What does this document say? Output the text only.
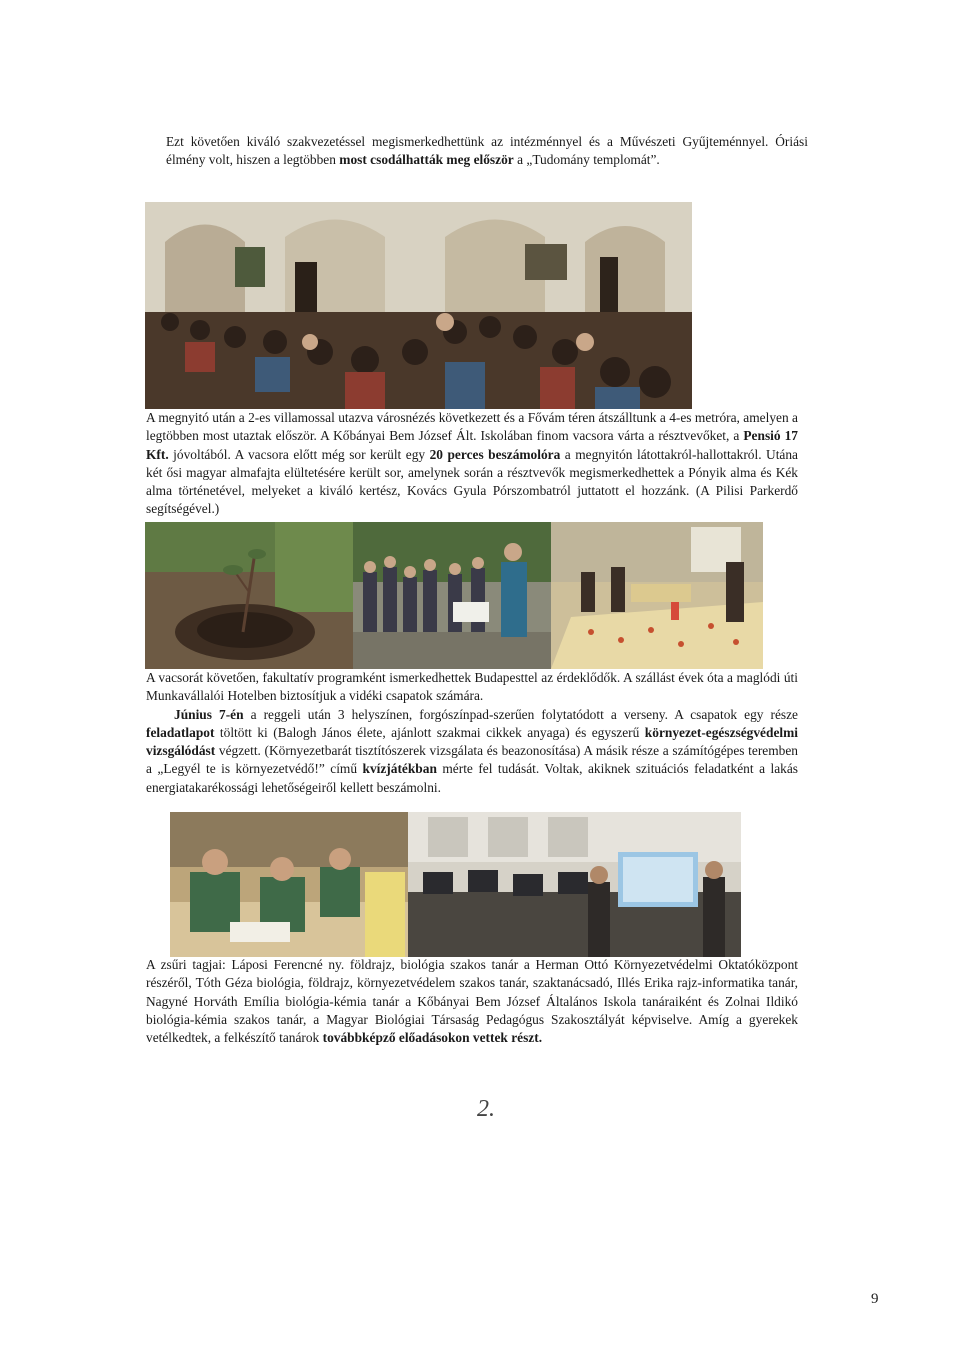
Ezt követően kiváló szakvezetéssel megismerkedhettünk az intézménnyel és a Művészeti Gyűjteménnyel. Óriási élmény volt, hiszen a legtöbben most csodálhatták meg először a „Tudomány templomát”.

A megnyitó után a 2-es villamossal utazva városnézés következett és a Fővám téren átszálltunk a 4-es metróra, amelyen a legtöbben most utaztak először. A Kőbányai Bem József Ált. Iskolában finom vacsora várta a résztvevőket, a Pensió 17 Kft. jóvoltából. A vacsora előtt még sor került egy 20 perces beszámolóra a megnyitón látottakról-hallottakról. Utána két ősi magyar almafajta elültetésére került sor, amelynek során a résztvevők megismerkedhettek a Pónyik alma és Kék alma történetével, melyeket a kiváló kertész, Kovács Gyula Pórszombatról juttatott el hozzánk. (A Pilisi Parkerdő segítségével.)

A vacsorát követően, fakultatív programként ismerkedhettek Budapesttel az érdeklődők. A szállást évek óta a maglódi úti Munkavállalói Hotelben biztosítjuk a vidéki csapatok számára.
Június 7-én a reggeli után 3 helyszínen, forgószínpad-szerűen folytatódott a verseny. A csapatok egy része feladatlapot töltött ki (Balogh János élete, ajánlott szakmai cikkek anyaga) és egyszerű környezet-egészségvédelmi vizsgálódást végzett. (Környezetbarát tisztítószerek vizsgálata és beazonosítása) A másik része a számítógépes teremben a „Legyél te is környezetvédő!” című kvízjátékban mérte fel tudását. Voltak, akiknek szituációs feladatként a lakás energiatakarékossági lehetőségeiről kellett beszámolni.

A zsűri tagjai: Láposi Ferencné ny. földrajz, biológia szakos tanár a Herman Ottó Környezetvédelmi Oktatóközpont részéről, Tóth Géza biológia, földrajz, környezetvédelem szakos tanár, szaktanácsadó, Illés Erika rajz-informatika tanár, Nagyné Horváth Emília biológia-kémia tanár a Kőbányai Bem József Általános Iskola tanáraiként és Zolnai Ildikó biológia-kémia szakos tanár, a Magyar Biológiai Társaság Pedagógus Szakosztályát képviselve. Amíg a gyerekek vetélkedtek, a felkészítő tanárok továbbképző előadásokon vettek részt.

2.
9
